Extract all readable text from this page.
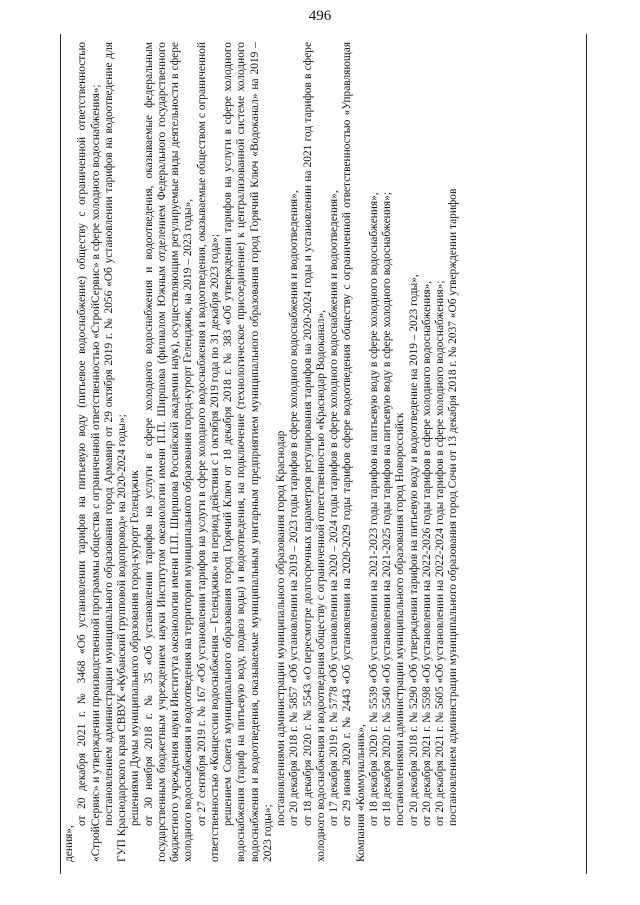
496

дения»,

от 20 декабря 2021 г. № 3468 «Об установлении тарифов на питьевую воду (питьевое водоснабжение) обществу с ограниченной ответственностью «СтройСервис» и утверждении производственной программы общества с ограниченной ответственностью «СтройСервис» в сфере холодного водоснабжения»; постановлением администрации муниципального образования город Армавир от 29 октября 2019 г. № 2056 «Об установлении тарифов на водоотведение для ГУП Краснодарского края СВВУК «Кубанский групповой водопровод» на 2020-2024 годы»; решениями Думы муниципального образования город-курорт Геленджик от 30 ноября 2018 г. № 35 «Об установлении тарифов на услуги в сфере холодного водоснабжения и водоотведения, оказываемые федеральным государственным бюджетным учреждением науки Институтом океанологии имени П.П. Ширшова (филиалом Южным отделением Федерального государственного бюджетного учреждения науки Института океанологии имени П.П. Ширшова Российской академии наук), осуществляющим регулируемые виды деятельности в сфере холодного водоснабжения и водоотведения на территории муниципального образования город-курорт Геленджик, на 2019 – 2023 годы», от 27 сентября 2019 г. № 167 «Об установлении тарифов на услуги в сфере холодного водоснабжения и водоотведения, оказываемые обществом с ограниченной ответственностью «Концессии водоснабжения – Геленджик» на период действия с 1 октября 2019 года по 31 декабря 2023 года»; решением Совета муниципального образования город Горячий Ключ от 18 декабря 2018 г. № 383 «Об утверждении тарифов на услуги в сфере холодного водоснабжения (тариф на питьевую воду, подвоз воды) и водоотведения, на подключение (технологическое присоединение) к централизованной системе холодного водоснабжения и водоотведения, оказываемые муниципальным унитарным предприятием муниципального образования город Горячий Ключ «Водоканал» на 2019 – 2023 годы»;

постановлениями администрации муниципального образования город Краснодар от 20 декабря 2018 г. № 5857 «Об установлении на 2019 – 2023 годы тарифов в сфере холодного водоснабжения и водоотведения», от 18 декабря 2020 г. № 5543 «О пересмотре долгосрочных параметров регулирования тарифов на 2020-2024 годы и установлении на 2021 год тарифов в сфере холодного водоснабжения и водоотведения обществу с ограниченной ответственностью «Краснодар Водоканал», от 17 декабря 2019 г. № 5778 «Об установлении на 2020 – 2024 годы тарифов в сфере холодного водоснабжения и водоотведения», от 29 июня 2020 г. № 2443 «Об установлении на 2020-2029 годы тарифов сфере водоотведения обществу с ограниченной ответственностью «Управляющая Компания «Коммунальник», от 18 декабря 2020 г. № 5539 «Об установлении на 2021-2023 годы тарифов на питьевую воду в сфере холодного водоснабжения», от 18 декабря 2020 г. № 5540 «Об установлении на 2021-2025 годы тарифов на питьевую воду в сфере холодного водоснабжения»; постановлениями администрации муниципального образования город Новороссийск от 20 декабря 2018 г. № 5290 «Об утверждении тарифов на питьевую воду и водоотведение на 2019 – 2023 годы», от 20 декабря 2021 г. № 5598 «Об установлении на 2022-2026 годы тарифов в сфере холодного водоснабжения», от 20 декабря 2021 г. № 5605 «Об установлении на 2022-2024 годы тарифов в сфере холодного водоснабжения»; постановлением администрации муниципального образования город Сочи от 13 декабря 2018 г. № 2037 «Об утверждении тарифов
